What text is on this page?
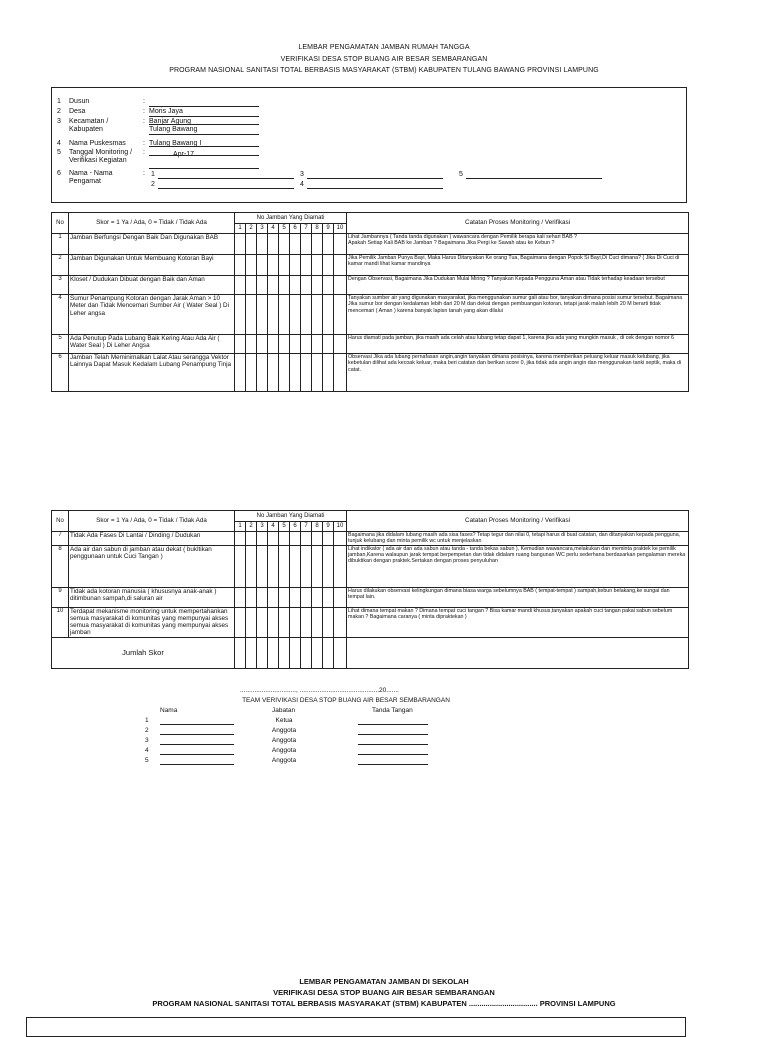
LEMBAR PENGAMATAN JAMBAN RUMAH TANGGA
VERIFIKASI DESA STOP BUANG AIR BESAR SEMBARANGAN
PROGRAM NASIONAL SANITASI TOTAL BERBASIS MASYARAKAT (STBM) KABUPATEN TULANG BAWANG PROVINSI LAMPUNG
1 Dusun	:
2 Desa	: Moris Jaya
3 Kecamatan /	: Banjar Agung
Kabupaten	Tulang Bawang
4 Nama Puskesmas : Tulang Bawang I
5 Tanggal Monitoring / :	Apr-17
Verifikasi Kegiatan
6 Nama - Nama	:
Pengamat
1
2
3
4
5
No	Skor = 1 Ya / Ada, 0 = Tidak / Tidak Ada	No Jamban Yang Diamati										Catatan Proses Monitoring / Verifikasi
		1	2	3	4	5	6	7	8	9	10	
1	Jamban Berfungsi Dengan Baik Dan Digunakan BAB											Lihat Jambannya ( Tanda tanda digunakan ) wawancara dengan Pemilik berapa kali sehari BAB ?
Apakah Setiap Kali BAB ke Jamban ? Bagaimana Jika Pergi ke Sawah atau ke Kebun ?
2	Jamban Digunakan Untuk Membuang Kotoran Bayi											Jika Pemilik Jamban Punya Bayi, Maka Harus Ditanyakan Ke orang Tua, Bagaimana dengan Popok Si Bayi,Di Cuci dimana? ( Jika Di Cuci di kamar mandi lihat kamar mandinya
3	Kloset / Dudukan Dibuat dengan Baik dan Aman											Dengan Observasi, Bagaimana Jika Dudukan Mulai Miring ? Tanyakan Kepada Pengguna Aman atau Tidak terhadap keadaan tersebut
4	Sumur Penampung Kotoran dengan Jarak Aman > 10 Meter dan Tidak Mencemari Sumber Air ( Water Seal ) Di Leher angsa											Tanyakan sumber air yang digunakan masyarakat, jika menggunakan sumur gali atau bor, tanyakan dimana posisi sumur tersebut. Bagaimana Jika sumur bor dengan kedalaman lebih dari 20 M dan dekat dengan pembuangan kotoran, tetapi jarak malah lebih 20 M berarti tidak mencemari ( Aman ) karena banyak lapisn tanah yang akan dilalui
5	Ada Penutup Pada Lubang Baik Kering Atau Ada Air ( Water Seal ) Di Leher Angsa											Harus diamati pada jamban, jika masih ada celah atau lubang tetap dapat 1, karena jika ada yang mungkin masuk , di cek dengan nomor 6
6	Jamban Telah Meminimalkan Lalat Atau serangga Vektor Lainnya Dapat Masuk Kedalam Lubang Penampung Tinja											Observasi Jika ada lubang pernafasan angin,angin tanyakan dimana posisinya, karena memberikan peluang keluar masuk kelubang, jika kebetulan dilihat ada kecoak keluar, maka beri catatan dan berikan score 0, jika tidak ada angin angin dan menggunakan tanki septik, maka di catat.
No	Skor = 1 Ya / Ada, 0 = Tidak / Tidak Ada	No Jamban Yang Diamati										Catatan Proses Monitoring / Verifikasi
		1	2	3	4	5	6	7	8	9	10	
7	Tidak Ada Fases Di Lantai / Dinding / Dudukan											Bagaimana jika didalam lubang masih ada sisa fases? Tetap tegur dan nilai 0, tetapi harus di buat catatan, dan ditanyakan kepada pengguna, tunjuk kelubang dan minta pemilik wc untuk menjelaskan
8	Ada air dan sabun di jamban atau dekat ( bukltikan penggunaan untuk Cuci Tangan )											Lihat indikator ( ada air dan ada sabun atau tanda - tanda bekas sabun ), Kemudian wawancara,melakukan dan meminta praktek ke pemilik jamban,Karena walaupun jarak tempat berpempetan dan tidak didalam ruang bangunan WC perlu sederhana berdasarkan pengalaman mereka dibuktikan dengan praktek.Sertakan dengan proses penyuluhan
9	Tidak ada kotoran manusia ( khususnya anak-anak ) ditimbunan sampah,di saluran air											Harus dilakukan observasi kelingkungan dimana biasa warga sebelumnya BAB ( tempat-tempat ) sampah,kebun belakang,ke sungai dan tempat lain.
10	Terdapat mekanisme monitoring untuk mempertahankan semua masyarakat di komunitas yang mempunyai akses semua masyarakat di komunitas yang mempunyai akses jamban											Lihat dimana tempat makan ? Dimana tempat cuci tangan ? Bisa kamar mandi khusus,tanyakan apakah cuci tangan pakai sabun sebelum makan ? Bagaimana caranya ( minta dipraktekan )
Jumlah Skor												
..............................., ............................................20.......
TEAM VERIVIKASI DESA STOP BUANG AIR BESAR SEMBARANGAN
Nama	Jabatan	Tanda Tangan
1	Ketua
2	Anggota
3	Anggota
4	Anggota
5	Anggota
LEMBAR PENGAMATAN JAMBAN DI SEKOLAH
VERIFIKASI DESA STOP BUANG AIR BESAR SEMBARANGAN
PROGRAM NASIONAL SANITASI TOTAL BERBASIS MASYARAKAT (STBM) KABUPATEN ................................. PROVINSI LAMPUNG
